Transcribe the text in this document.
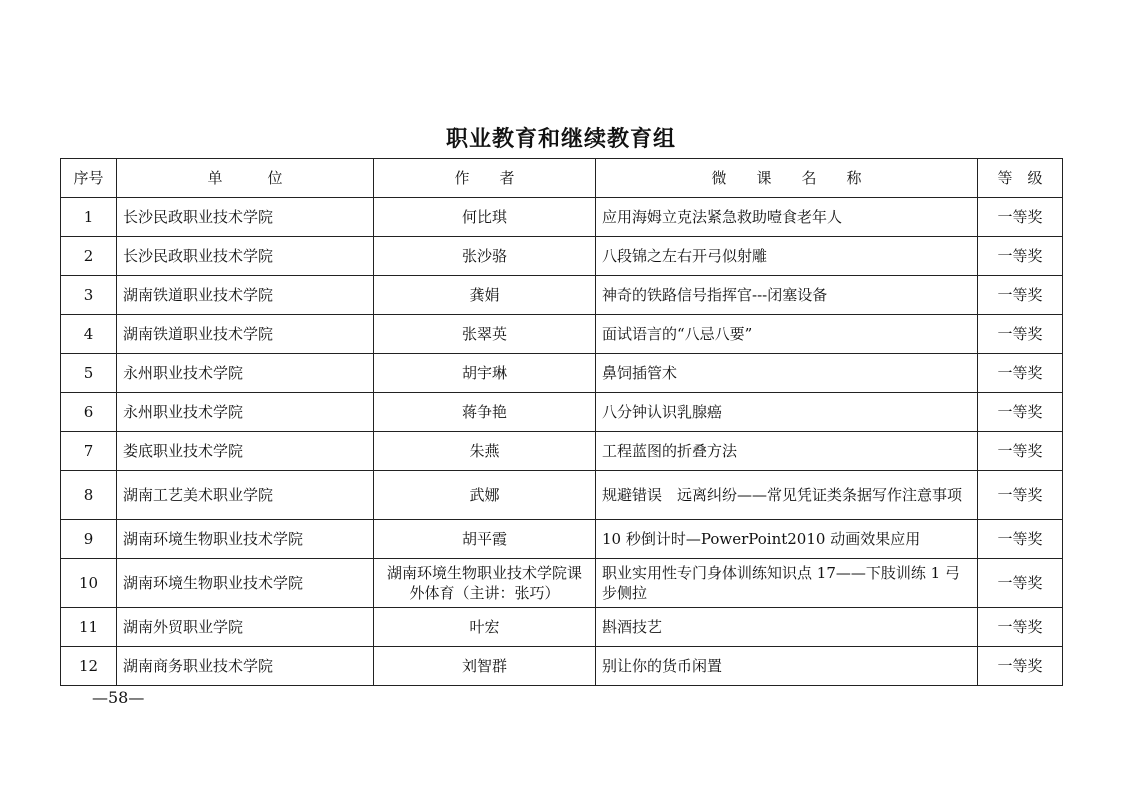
职业教育和继续教育组
序号	单　　　位	作　　者	微　　课　　名　　称	等　级
1	长沙民政职业技术学院	何比琪	应用海姆立克法紧急救助噎食老年人	一等奖
2	长沙民政职业技术学院	张沙骆	八段锦之左右开弓似射雕	一等奖
3	湖南铁道职业技术学院	龚娟	神奇的铁路信号指挥官---闭塞设备	一等奖
4	湖南铁道职业技术学院	张翠英	面试语言的“八忌八要”	一等奖
5	永州职业技术学院	胡宇琳	鼻饲插管术	一等奖
6	永州职业技术学院	蒋争艳	八分钟认识乳腺癌	一等奖
7	娄底职业技术学院	朱燕	工程蓝图的折叠方法	一等奖
8	湖南工艺美术职业学院	武娜	规避错误　远离纠纷——常见凭证类条据写作注意事项	一等奖
9	湖南环境生物职业技术学院	胡平霞	10 秒倒计时—PowerPoint2010 动画效果应用	一等奖
10	湖南环境生物职业技术学院	湖南环境生物职业技术学院课外体育（主讲：张巧）	职业实用性专门身体训练知识点 17——下肢训练 1 弓步侧拉	一等奖
11	湖南外贸职业学院	叶宏	斟酒技艺	一等奖
12	湖南商务职业技术学院	刘智群	别让你的货币闲置	一等奖
—58—
